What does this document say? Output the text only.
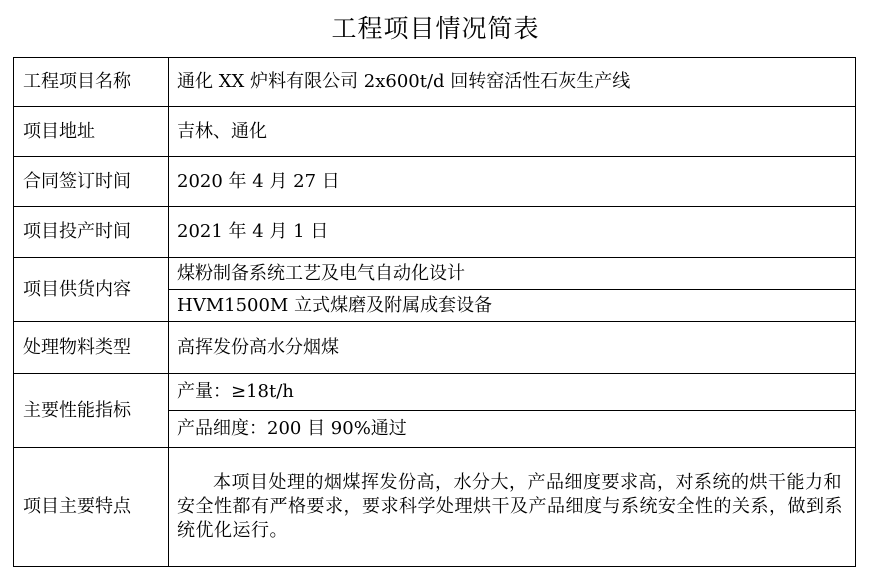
工程项目情况简表
工程项目名称	通化 XX 炉料有限公司 2x600t/d 回转窑活性石灰生产线
项目地址	吉林、通化
合同签订时间	2020 年 4 月 27 日
项目投产时间	2021 年 4 月 1 日
项目供货内容	煤粉制备系统工艺及电气自动化设计
	HVM1500M 立式煤磨及附属成套设备
处理物料类型	高挥发份高水分烟煤
主要性能指标	产量：≥18t/h
	产品细度：200 目 90%通过
项目主要特点	本项目处理的烟煤挥发份高，水分大，产品细度要求高，对系统的烘干能力和安全性都有严格要求，要求科学处理烘干及产品细度与系统安全性的关系，做到系统优化运行。
